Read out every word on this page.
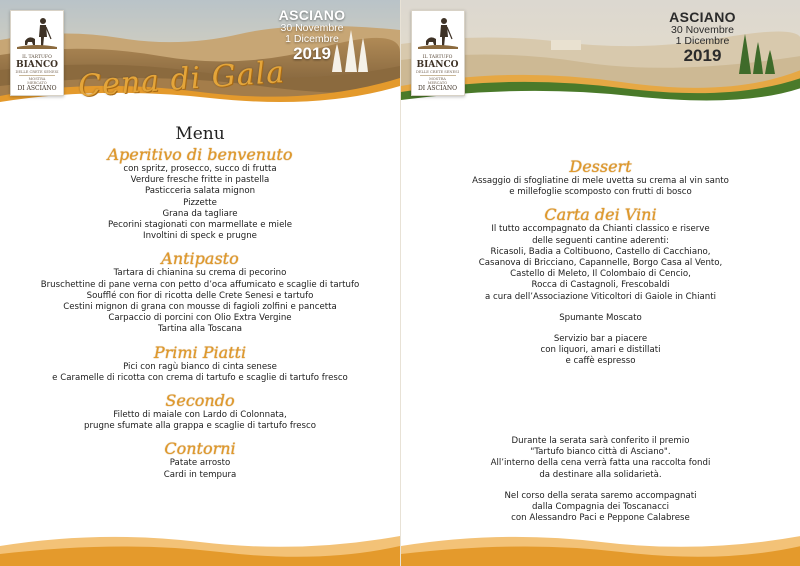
IL TARTUFO
BIANCO
DELLE CRETE SENESI
MOSTRA MERCATO
DI ASCIANO
ASCIANO
30 Novembre
1 Dicembre
2019
Cena di Gala
Menu
Aperitivo di benvenuto
con spritz, prosecco, succo di frutta
Verdure fresche fritte in pastella
Pasticceria salata mignon
Pizzette
Grana da tagliare
Pecorini stagionati con marmellate e miele
Involtini di speck e prugne
Antipasto
Tartara di chianina su crema di pecorino
Bruschettine di pane verna con petto d’oca affumicato e scaglie di tartufo
Soufflé con fior di ricotta delle Crete Senesi e tartufo
Cestini mignon di grana con mousse di fagioli zolfini e pancetta
Carpaccio di porcini con Olio Extra Vergine
Tartina alla Toscana
Primi Piatti
Pici con ragù bianco di cinta senese
e Caramelle di ricotta con crema di tartufo e scaglie di tartufo fresco
Secondo
Filetto di maiale con Lardo di Colonnata,
prugne sfumate alla grappa e scaglie di tartufo fresco
Contorni
Patate arrosto
Cardi in tempura
IL TARTUFO
BIANCO
DELLE CRETE SENESI
MOSTRA MERCATO
DI ASCIANO
ASCIANO
30 Novembre
1 Dicembre
2019
Dessert
Assaggio di sfogliatine di mele uvetta su crema al vin santo
e millefoglie scomposto con frutti di bosco
Carta dei Vini
Il tutto accompagnato da Chianti classico e riserve
delle seguenti cantine aderenti:
Ricasoli, Badia a Coltibuono, Castello di Cacchiano,
Casanova di Bricciano, Capannelle, Borgo Casa al Vento,
Castello di Meleto, Il Colombaio di Cencio,
Rocca di Castagnoli, Frescobaldi
a cura dell’Associazione Viticoltori di Gaiole in Chianti
Spumante Moscato
Servizio bar a piacere
con liquori, amari e distillati
e caffè espresso
Durante la serata sarà conferito il premio
"Tartufo bianco città di Asciano".
All’interno della cena verrà fatta una raccolta fondi
da destinare alla solidarietà.
Nel corso della serata saremo accompagnati
dalla Compagnia dei Toscanacci
con Alessandro Paci e Peppone Calabrese
